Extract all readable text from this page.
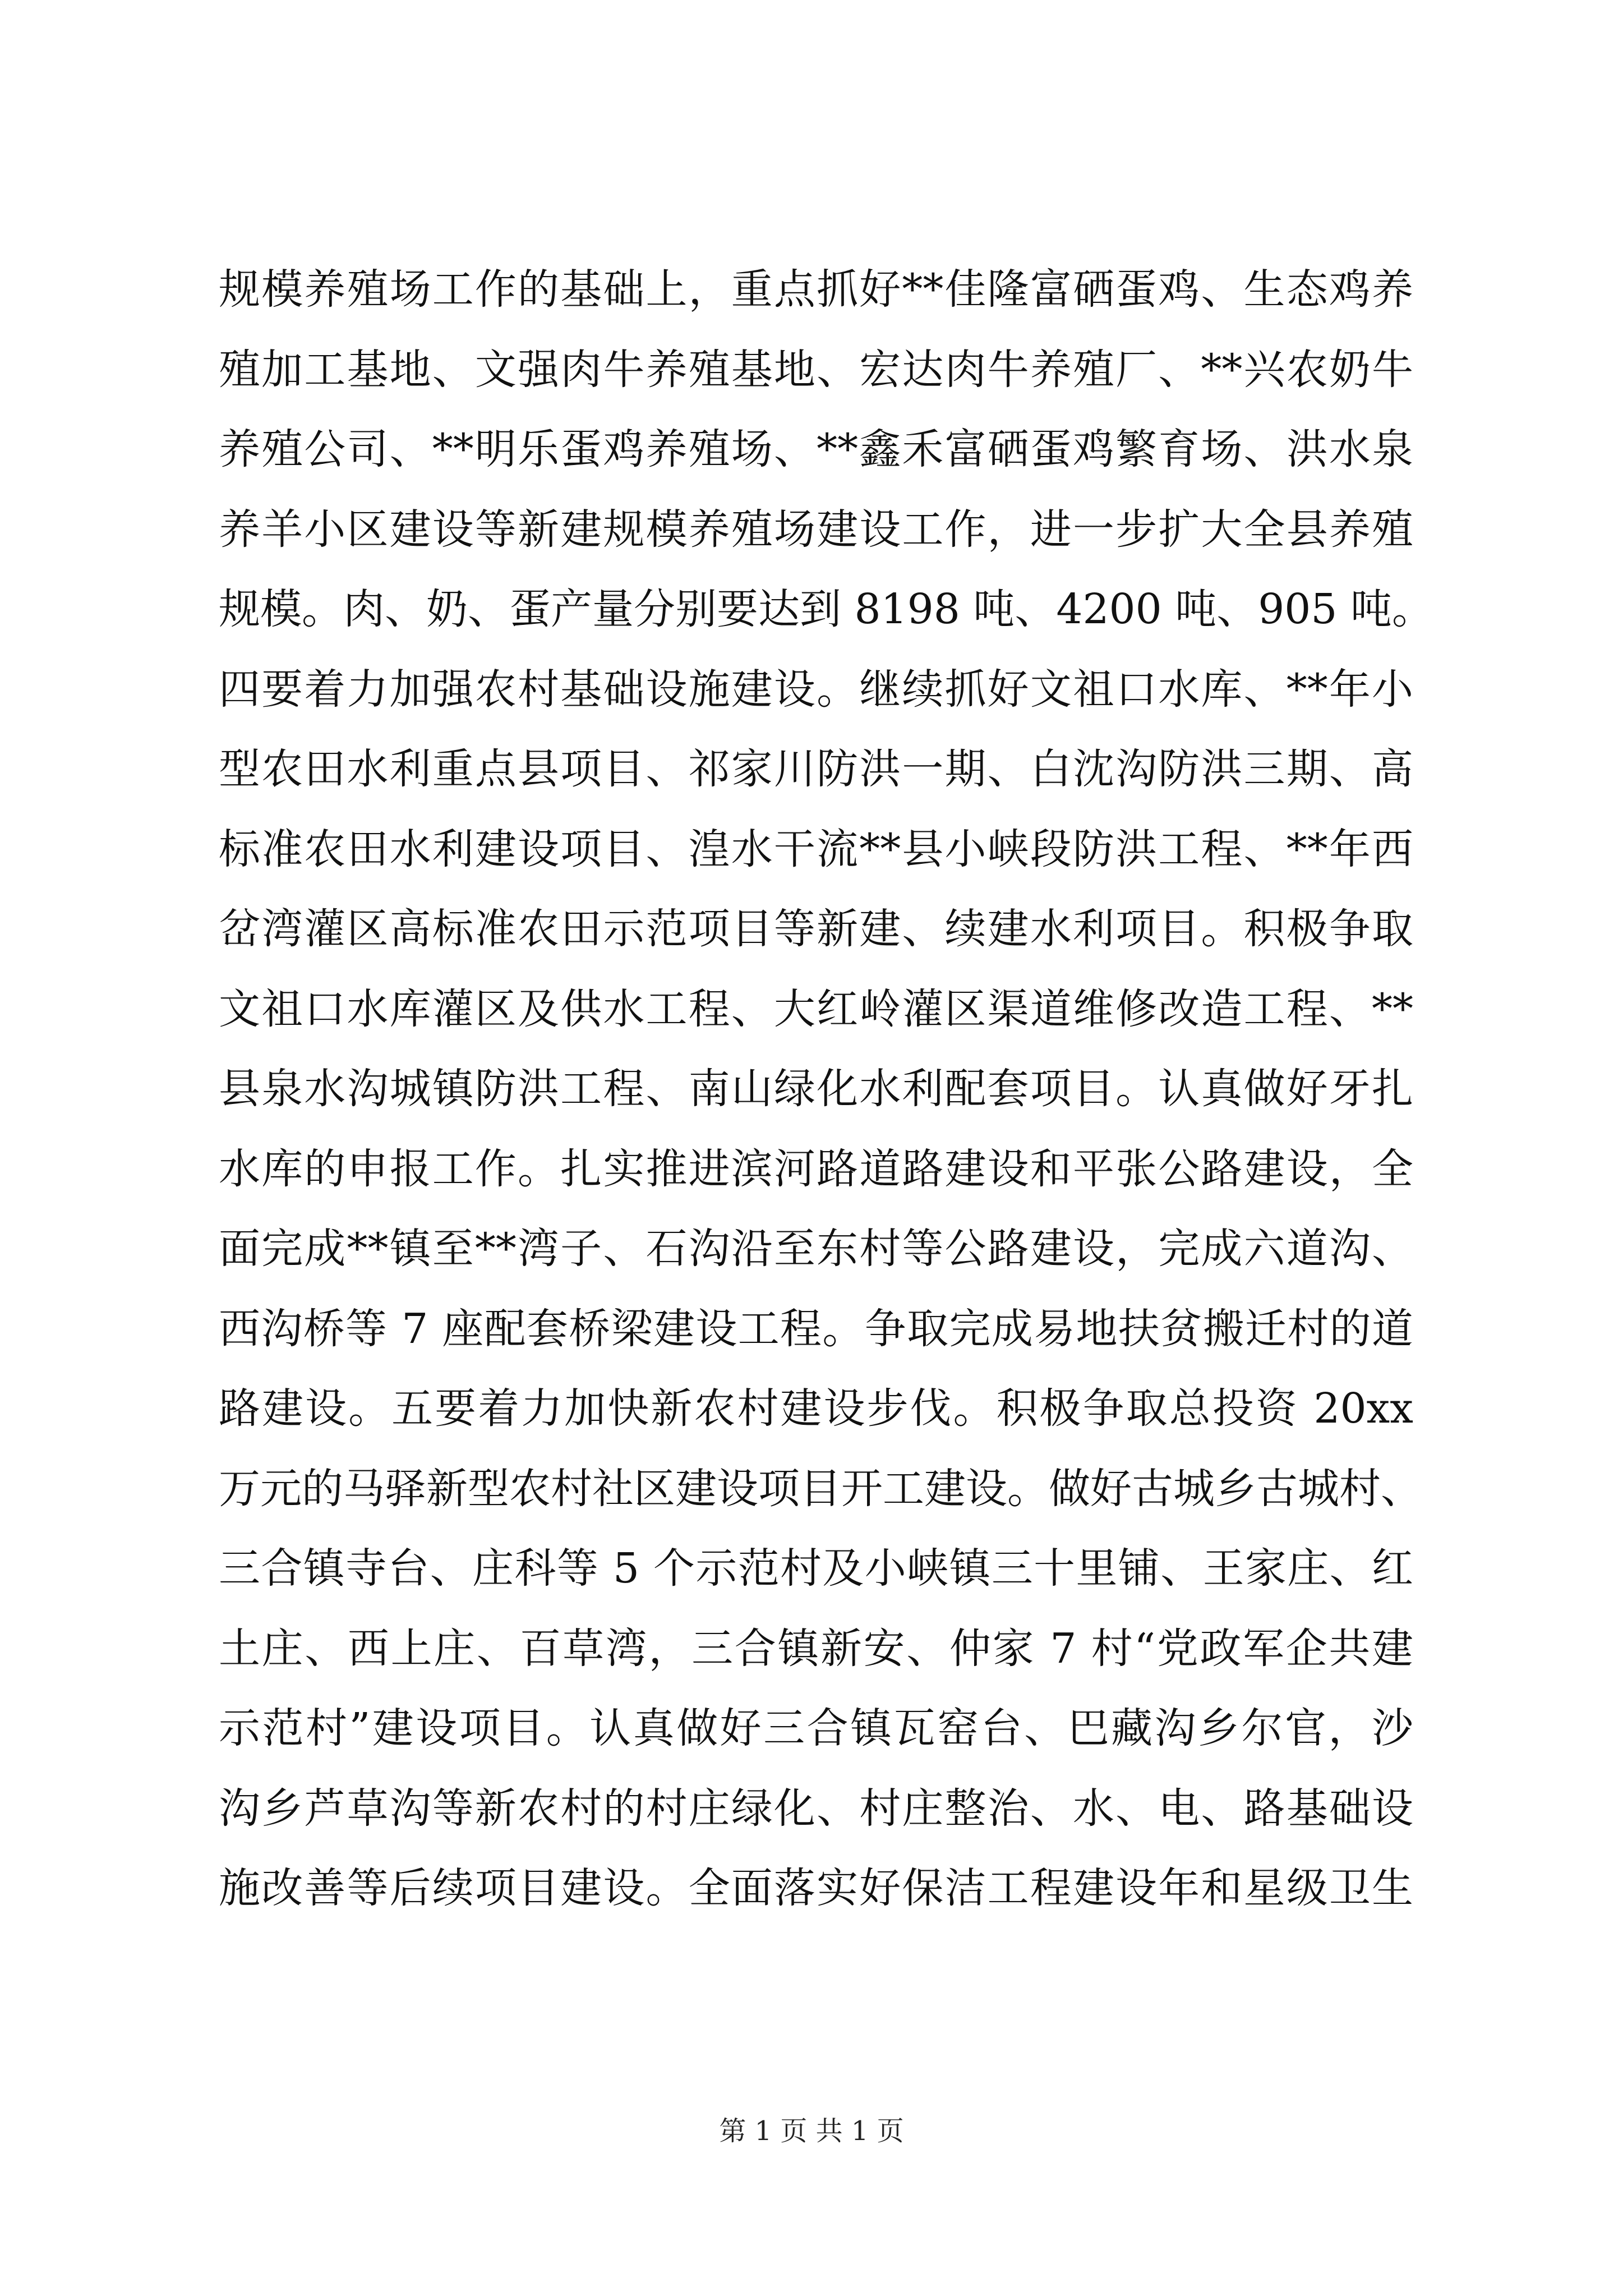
规模养殖场工作的基础上，重点抓好**佳隆富硒蛋鸡、生态鸡养
殖加工基地、文强肉牛养殖基地、宏达肉牛养殖厂、**兴农奶牛
养殖公司、**明乐蛋鸡养殖场、**鑫禾富硒蛋鸡繁育场、洪水泉
养羊小区建设等新建规模养殖场建设工作，进一步扩大全县养殖
规模。肉、奶、蛋产量分别要达到 8198 吨、4200 吨、905 吨。
四要着力加强农村基础设施建设。继续抓好文祖口水库、**年小
型农田水利重点县项目、祁家川防洪一期、白沈沟防洪三期、高
标准农田水利建设项目、湟水干流**县小峡段防洪工程、**年西
岔湾灌区高标准农田示范项目等新建、续建水利项目。积极争取
文祖口水库灌区及供水工程、大红岭灌区渠道维修改造工程、**
县泉水沟城镇防洪工程、南山绿化水利配套项目。认真做好牙扎
水库的申报工作。扎实推进滨河路道路建设和平张公路建设，全
面完成**镇至**湾子、石沟沿至东村等公路建设，完成六道沟、
西沟桥等 7 座配套桥梁建设工程。争取完成易地扶贫搬迁村的道
路建设。五要着力加快新农村建设步伐。积极争取总投资 20xx
万元的马驿新型农村社区建设项目开工建设。做好古城乡古城村、
三合镇寺台、庄科等 5 个示范村及小峡镇三十里铺、王家庄、红
土庄、西上庄、百草湾，三合镇新安、仲家 7 村“党政军企共建
示范村”建设项目。认真做好三合镇瓦窑台、巴藏沟乡尔官，沙
沟乡芦草沟等新农村的村庄绿化、村庄整治、水、电、路基础设
施改善等后续项目建设。全面落实好保洁工程建设年和星级卫生
第 1 页 共 1 页
